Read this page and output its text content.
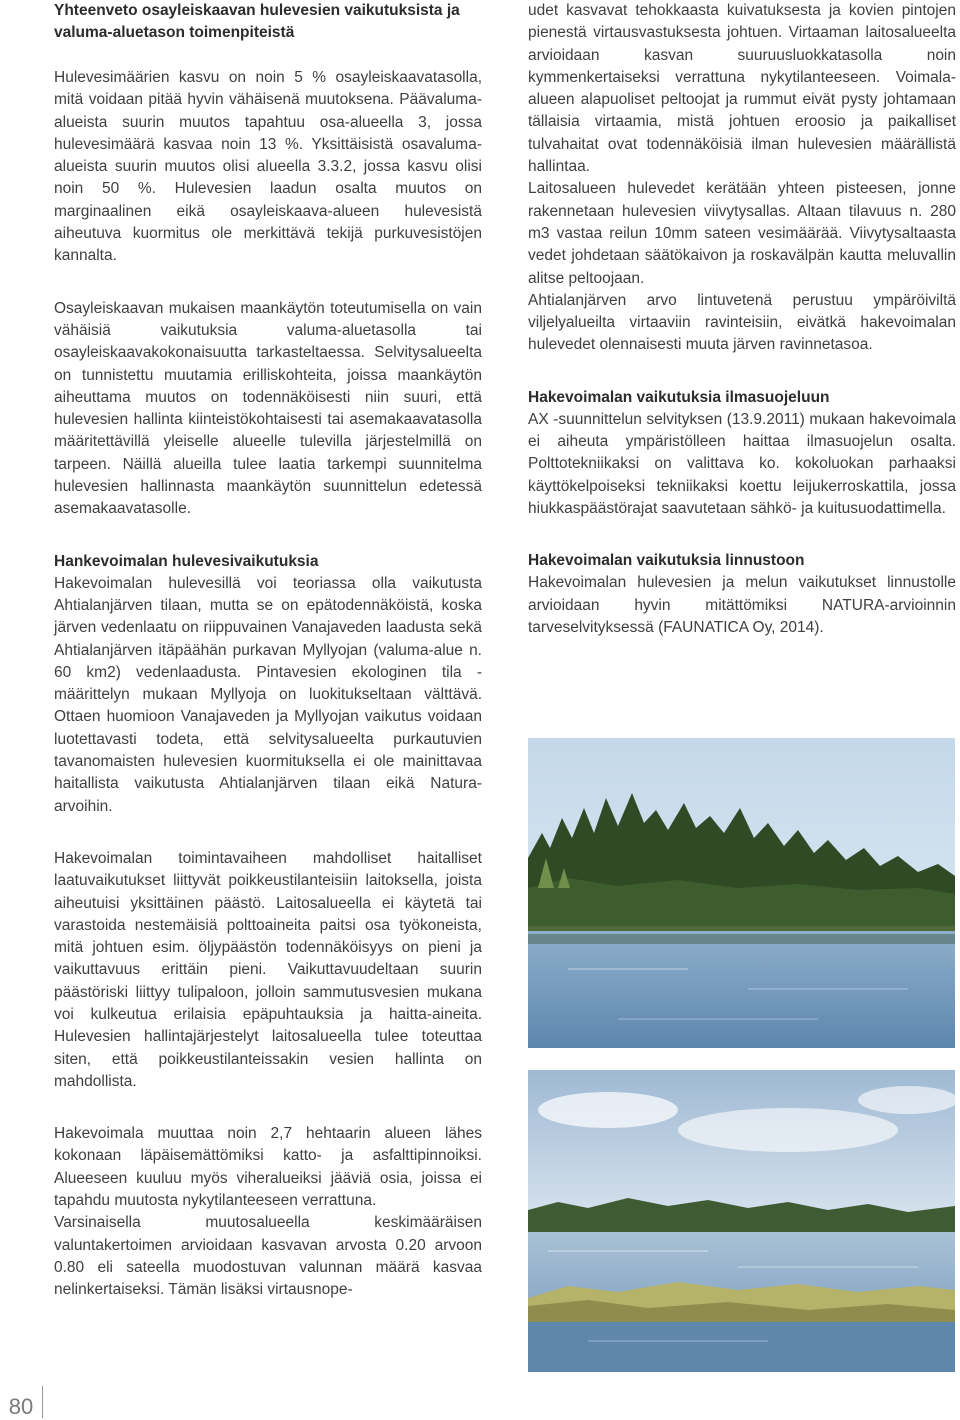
Yhteenveto osayleiskaavan hulevesien vaikutuksista ja valuma-aluetason toimenpiteistä

Hulevesimäärien kasvu on noin 5 % osayleiskaavatasolla, mitä voidaan pitää hyvin vähäisenä muutoksena. Päävaluma-alueista suurin muutos tapahtuu osa-alueella 3, jossa hulevesimäärä kasvaa noin 13 %. Yksittäisistä osavaluma-alueista suurin muutos olisi alueella 3.3.2, jossa kasvu olisi noin 50 %. Hulevesien laadun osalta muutos on marginaalinen eikä osayleiskaava-alueen hulevesistä aiheutuva kuormitus ole merkittävä tekijä purkuvesistöjen kannalta.

Osayleiskaavan mukaisen maankäytön toteutumisella on vain vähäisiä vaikutuksia valuma-aluetasolla tai osayleiskaavakokonaisuutta tarkasteltaessa. Selvitysalueelta on tunnistettu muutamia erilliskohteita, joissa maankäytön aiheuttama muutos on todennäköisesti niin suuri, että hulevesien hallinta kiinteistökohtaisesti tai asemakaavatasolla määritettävillä yleiselle alueelle tulevilla järjestelmillä on tarpeen. Näillä alueilla tulee laatia tarkempi suunnitelma hulevesien hallinnasta maankäytön suunnittelun edetessä asemakaavatasolle.

Hankevoimalan hulevesivaikutuksia

Hakevoimalan hulevesillä voi teoriassa olla vaikutusta Ahtialanjärven tilaan, mutta se on epätodennäköistä, koska järven vedenlaatu on riippuvainen Vanajaveden laadusta sekä Ahtialanjärven itäpäähän purkavan Myllyojan (valuma-alue n. 60 km2) vedenlaadusta. Pintavesien ekologinen tila -määrittelyn mukaan Myllyoja on luokitukseltaan välttävä. Ottaen huomioon Vanajaveden ja Myllyojan vaikutus voidaan luotettavasti todeta, että selvitysalueelta purkautuvien tavanomaisten hulevesien kuormituksella ei ole mainittavaa haitallista vaikutusta Ahtialanjärven tilaan eikä Natura-arvoihin.

Hakevoimalan toimintavaiheen mahdolliset haitalliset laatuvaikutukset liittyvät poikkeustilanteisiin laitoksella, joista aiheutuisi yksittäinen päästö. Laitosalueella ei käytetä tai varastoida nestemäisiä polttoaineita paitsi osa työkoneista, mitä johtuen esim. öljypäästön todennäköisyys on pieni ja vaikuttavuus erittäin pieni. Vaikuttavuudeltaan suurin päästöriski liittyy tulipaloon, jolloin sammutusvesien mukana voi kulkeutua erilaisia epäpuhtauksia ja haitta-aineita. Hulevesien hallintajärjestelyt laitosalueella tulee toteuttaa siten, että poikkeustilanteissakin vesien hallinta on mahdollista.

Hakevoimala muuttaa noin 2,7 hehtaarin alueen lähes kokonaan läpäisemättömiksi katto- ja asfalttipinnoiksi. Alueeseen kuuluu myös viheralueiksi jääviä osia, joissa ei tapahdu muutosta nykytilanteeseen verrattuna.

Varsinaisella muutosalueella keskimääräisen valuntakertoimen arvioidaan kasvavan arvosta 0.20 arvoon 0.80 eli sateella muodostuvan valunnan määrä kasvaa nelinkertaiseksi. Tämän lisäksi virtausnope-

udet kasvavat tehokkaasta kuivatuksesta ja kovien pintojen pienestä virtausvastuksesta johtuen. Virtaaman laitosalueelta arvioidaan kasvan suuruusluokkatasolla noin kymmenkertaiseksi verrattuna nykytilanteeseen. Voimala-alueen alapuoliset peltoojat ja rummut eivät pysty johtamaan tällaisia virtaamia, mistä johtuen eroosio ja paikalliset tulvahaitat ovat todennäköisiä ilman hulevesien määrällistä hallintaa.

Laitosalueen hulevedet kerätään yhteen pisteesen, jonne rakennetaan hulevesien viivytysallas. Altaan tilavuus n. 280 m3 vastaa reilun 10mm sateen vesimäärää. Viivytysaltaasta vedet johdetaan säätökaivon ja roskavälpän kautta meluvallin alitse peltoojaan.

Ahtialanjärven arvo lintuvetenä perustuu ympäröiviltä viljelyalueilta virtaaviin ravinteisiin, eivätkä hakevoimalan hulevedet olennaisesti muuta järven ravinnetasoa.

Hakevoimalan vaikutuksia ilmasuojeluun

AX -suunnittelun selvityksen (13.9.2011) mukaan hakevoimala ei aiheuta ympäristölleen haittaa ilmasuojelun osalta. Polttotekniikaksi on valittava ko. kokoluokan parhaaksi käyttökelpoiseksi tekniikaksi koettu leijukerroskattila, jossa hiukkaspäästörajat saavutetaan sähkö- ja kuitusuodattimella.

Hakevoimalan vaikutuksia linnustoon

Hakevoimalan hulevesien ja melun vaikutukset linnustolle arvioidaan hyvin mitättömiksi NATURA-arvioinnin tarveselvityksessä (FAUNATICA Oy, 2014).

80
